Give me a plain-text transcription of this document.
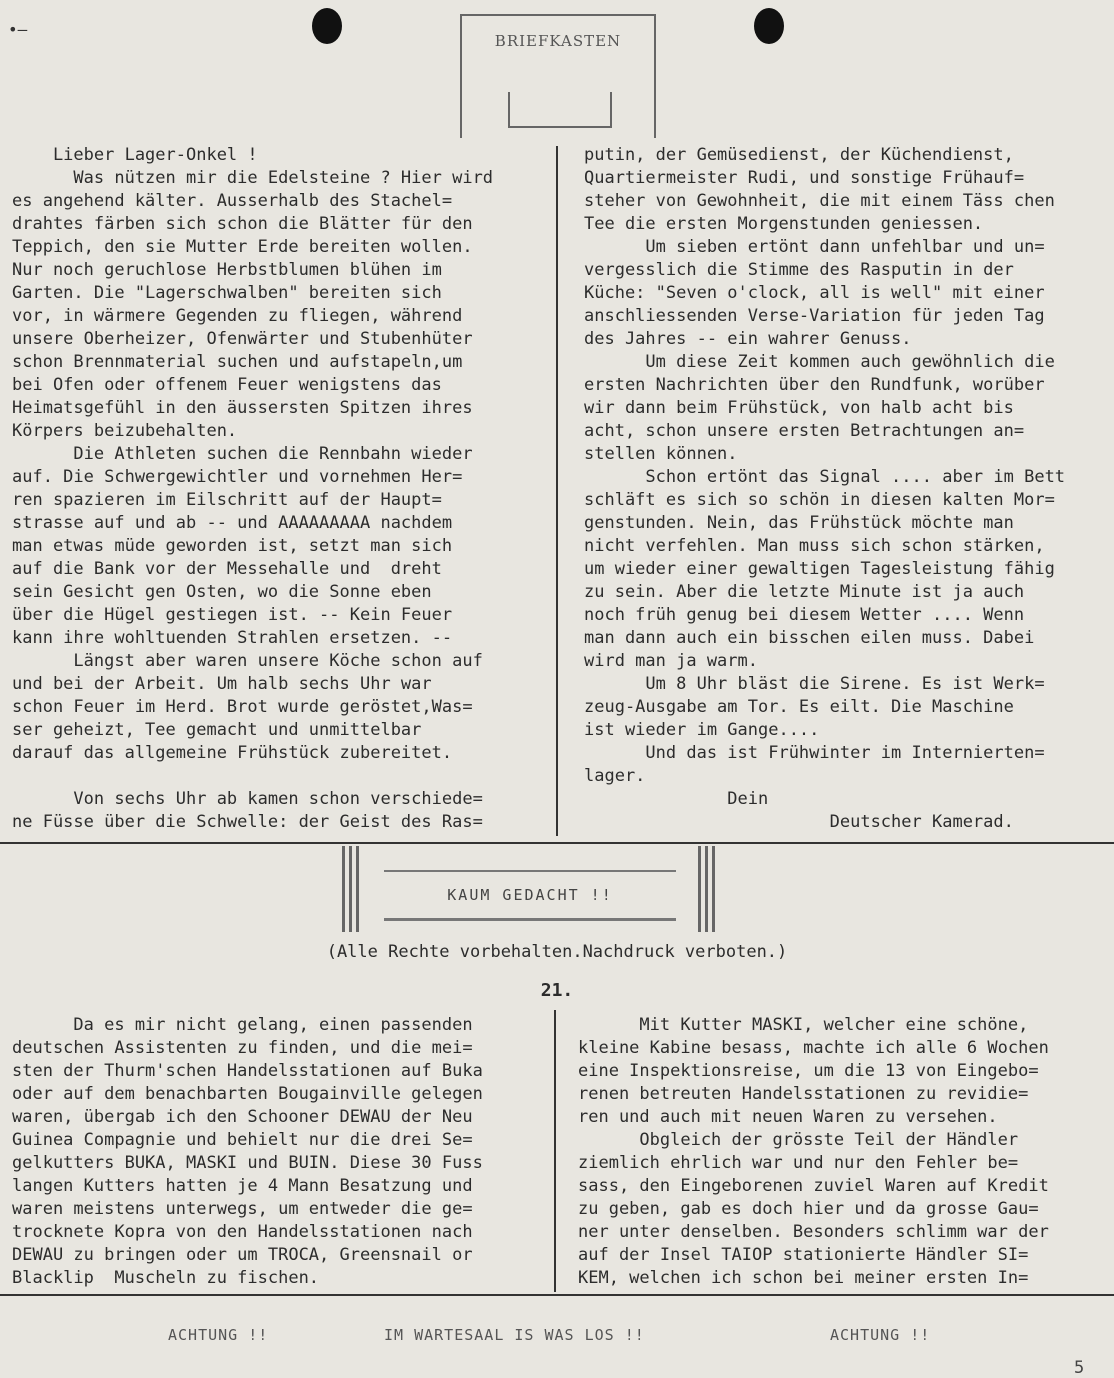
•–
BRIEFKASTEN
Lieber Lager-Onkel !
Was nützen mir die Edelsteine ? Hier wird
es angehend kälter. Ausserhalb des Stachel=
drahtes färben sich schon die Blätter für den
Teppich, den sie Mutter Erde bereiten wollen.
Nur noch geruchlose Herbstblumen blühen im
Garten. Die "Lagerschwalben" bereiten sich
vor, in wärmere Gegenden zu fliegen, während
unsere Oberheizer, Ofenwärter und Stubenhüter
schon Brennmaterial suchen und aufstapeln,um
bei Ofen oder offenem Feuer wenigstens das
Heimatsgefühl in den äussersten Spitzen ihres
Körpers beizubehalten.
Die Athleten suchen die Rennbahn wieder
auf. Die Schwergewichtler und vornehmen Her=
ren spazieren im Eilschritt auf der Haupt=
strasse auf und ab -- und ААААААААА nachdem
man etwas müde geworden ist, setzt man sich
auf die Bank vor der Messehalle und  dreht
sein Gesicht gen Osten, wo die Sonne eben
über die Hügel gestiegen ist. -- Kein Feuer
kann ihre wohltuenden Strahlen ersetzen. --
Längst aber waren unsere Köche schon auf
und bei der Arbeit. Um halb sechs Uhr war
schon Feuer im Herd. Brot wurde geröstet,Was=
ser geheizt, Tee gemacht und unmittelbar
darauf das allgemeine Frühstück zubereitet.
Von sechs Uhr ab kamen schon verschiede=
ne Füsse über die Schwelle: der Geist des Ras=
putin, der Gemüsedienst, der Küchendienst,
Quartiermeister Rudi, und sonstige Frühauf=
steher von Gewohnheit, die mit einem Täss chen
Tee die ersten Morgenstunden geniessen.
Um sieben ertönt dann unfehlbar und un=
vergesslich die Stimme des Rasputin in der
Küche: "Seven o'clock, all is well" mit einer
anschliessenden Verse-Variation für jeden Tag
des Jahres -- ein wahrer Genuss.
Um diese Zeit kommen auch gewöhnlich die
ersten Nachrichten über den Rundfunk, worüber
wir dann beim Frühstück, von halb acht bis
acht, schon unsere ersten Betrachtungen an=
stellen können.
Schon ertönt das Signal .... aber im Bett
schläft es sich so schön in diesen kalten Mor=
genstunden. Nein, das Frühstück möchte man
nicht verfehlen. Man muss sich schon stärken,
um wieder einer gewaltigen Tagesleistung fähig
zu sein. Aber die letzte Minute ist ja auch
noch früh genug bei diesem Wetter .... Wenn
man dann auch ein bisschen eilen muss. Dabei
wird man ja warm.
Um 8 Uhr bläst die Sirene. Es ist Werk=
zeug-Ausgabe am Tor. Es eilt. Die Maschine
ist wieder im Gange....
Und das ist Frühwinter im Internierten=
lager.
Dein
Deutscher Kamerad.
KAUM GEDACHT !!
(Alle Rechte vorbehalten.Nachdruck verboten.)
21.
Da es mir nicht gelang, einen passenden
deutschen Assistenten zu finden, und die mei=
sten der Thurm'schen Handelsstationen auf Buka
oder auf dem benachbarten Bougainville gelegen
waren, übergab ich den Schooner DEWAU der Neu
Guinea Compagnie und behielt nur die drei Se=
gelkutters BUKA, MASKI und BUIN. Diese 30 Fuss
langen Kutters hatten je 4 Mann Besatzung und
waren meistens unterwegs, um entweder die ge=
trocknete Kopra von den Handelsstationen nach
DEWAU zu bringen oder um TROCA, Greensnail or
Blacklip  Muscheln zu fischen.
Mit Kutter MASKI, welcher eine schöne,
kleine Kabine besass, machte ich alle 6 Wochen
eine Inspektionsreise, um die 13 von Eingebo=
renen betreuten Handelsstationen zu revidie=
ren und auch mit neuen Waren zu versehen.
Obgleich der grösste Teil der Händler
ziemlich ehrlich war und nur den Fehler be=
sass, den Eingeborenen zuviel Waren auf Kredit
zu geben, gab es doch hier und da grosse Gau=
ner unter denselben. Besonders schlimm war der
auf der Insel TAIOP stationierte Händler SI=
KEM, welchen ich schon bei meiner ersten In=
ACHTUNG !!	IM WARTESAAL IS WAS LOS !!	ACHTUNG !!
5
